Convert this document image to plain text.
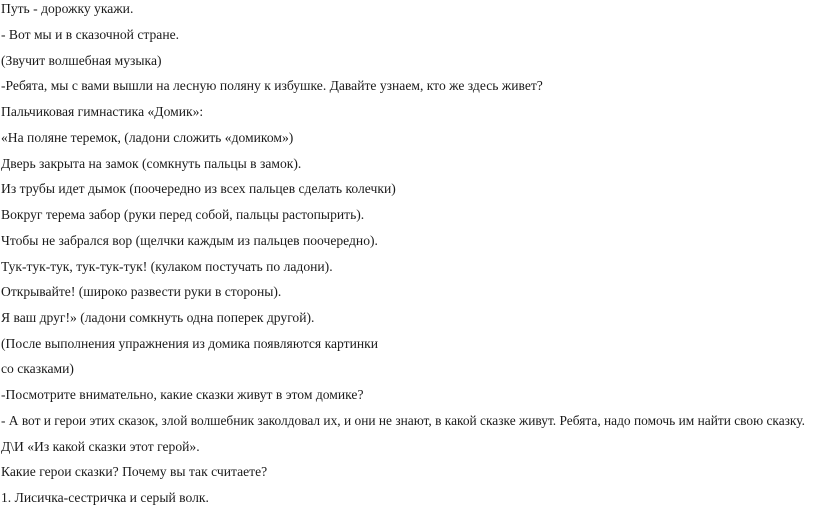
Путь - дорожку укажи.

- Вот мы и в сказочной стране.

(Звучит волшебная музыка)

-Ребята, мы с вами вышли на лесную поляну к избушке. Давайте узнаем, кто же здесь живет?

Пальчиковая гимнастика «Домик»:

«На поляне теремок, (ладони сложить «домиком»)

Дверь закрыта на замок (сомкнуть пальцы в замок).

Из трубы идет дымок (поочередно из всех пальцев сделать колечки)

Вокруг терема забор (руки перед собой, пальцы растопырить).

Чтобы не забрался вор (щелчки каждым из пальцев поочередно).

Тук-тук-тук, тук-тук-тук! (кулаком постучать по ладони).

Открывайте! (широко развести руки в стороны).

Я ваш друг!» (ладони сомкнуть одна поперек другой).

(После выполнения упражнения из домика появляются картинки

со сказками)

-Посмотрите внимательно, какие сказки живут в этом домике?

- А вот и герои этих сказок, злой волшебник заколдовал их, и они не знают, в какой сказке живут. Ребята, надо помочь им найти свою сказку.

Д\И «Из какой сказки этот герой».

Какие герои сказки? Почему вы так считаете?

1. Лисичка-сестричка и серый волк.
